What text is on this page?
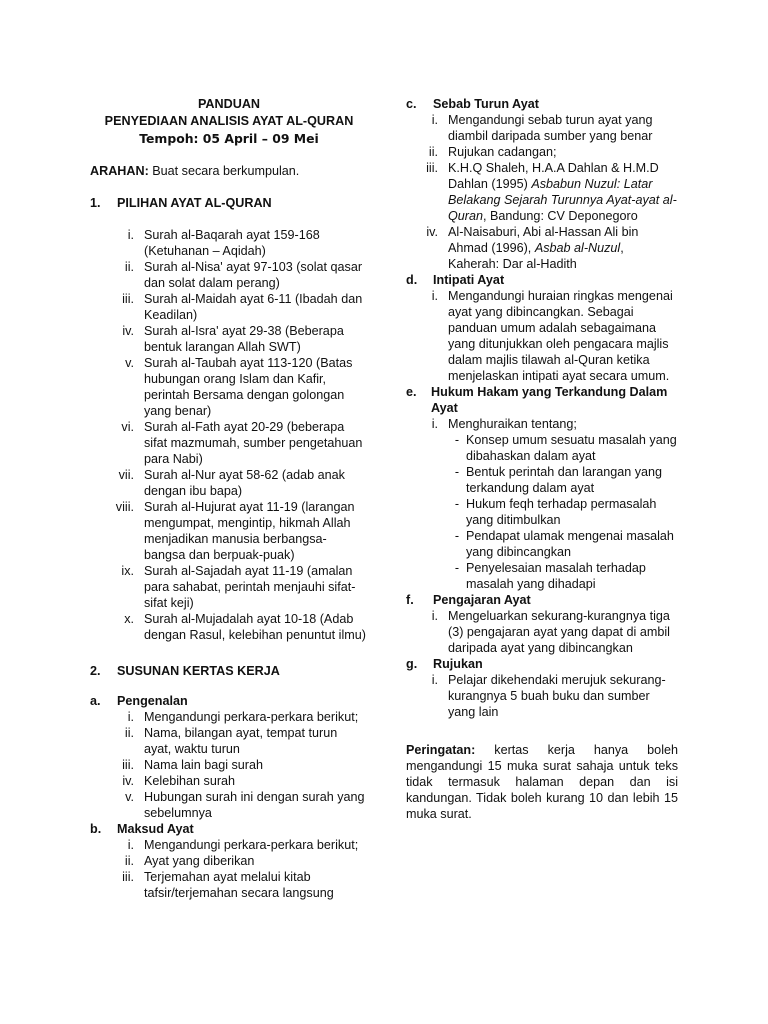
PANDUAN
PENYEDIAAN ANALISIS AYAT AL-QURAN
Tempoh: 05 April – 09 Mei
ARAHAN: Buat secara berkumpulan.
1.	PILIHAN AYAT AL-QURAN
i. Surah al-Baqarah ayat 159-168 (Ketuhanan – Aqidah)
ii. Surah al-Nisa' ayat 97-103 (solat qasar dan solat dalam perang)
iii. Surah al-Maidah ayat 6-11 (Ibadah dan Keadilan)
iv. Surah al-Isra' ayat 29-38 (Beberapa bentuk larangan Allah SWT)
v. Surah al-Taubah ayat 113-120 (Batas hubungan orang Islam dan Kafir, perintah Bersama dengan golongan yang benar)
vi. Surah al-Fath ayat 20-29 (beberapa sifat mazmumah, sumber pengetahuan para Nabi)
vii. Surah al-Nur ayat 58-62 (adab anak dengan ibu bapa)
viii. Surah al-Hujurat ayat 11-19 (larangan mengumpat, mengintip, hikmah Allah menjadikan manusia berbangsa-bangsa dan berpuak-puak)
ix. Surah al-Sajadah ayat 11-19 (amalan para sahabat, perintah menjauhi sifat-sifat keji)
x. Surah al-Mujadalah ayat 10-18 (Adab dengan Rasul, kelebihan penuntut ilmu)
2.	SUSUNAN KERTAS KERJA
a.	Pengenalan
i. Mengandungi perkara-perkara berikut;
ii. Nama, bilangan ayat, tempat turun ayat, waktu turun
iii. Nama lain bagi surah
iv. Kelebihan surah
v. Hubungan surah ini dengan surah yang sebelumnya
b.	Maksud Ayat
i. Mengandungi perkara-perkara berikut;
ii. Ayat yang diberikan
iii. Terjemahan ayat melalui kitab tafsir/terjemahan secara langsung
c.	Sebab Turun Ayat
i. Mengandungi sebab turun ayat yang diambil daripada sumber yang benar
ii. Rujukan cadangan;
iii. K.H.Q Shaleh, H.A.A Dahlan & H.M.D Dahlan (1995) Asbabun Nuzul: Latar Belakang Sejarah Turunnya Ayat-ayat al-Quran, Bandung: CV Deponegoro
iv. Al-Naisaburi, Abi al-Hassan Ali bin Ahmad (1996), Asbab al-Nuzul, Kaherah: Dar al-Hadith
d.	Intipati Ayat
i. Mengandungi huraian ringkas mengenai ayat yang dibincangkan. Sebagai panduan umum adalah sebagaimana yang ditunjukkan oleh pengacara majlis dalam majlis tilawah al-Quran ketika menjelaskan intipati ayat secara umum.
e.	Hukum Hakam yang Terkandung Dalam Ayat
i. Menghuraikan tentang;
- Konsep umum sesuatu masalah yang dibahaskan dalam ayat
- Bentuk perintah dan larangan yang terkandung dalam ayat
- Hukum feqh terhadap permasalah yang ditimbulkan
- Pendapat ulamak mengenai masalah yang dibincangkan
- Penyelesaian masalah terhadap masalah yang dihadapi
f.	Pengajaran Ayat
i. Mengeluarkan sekurang-kurangnya tiga (3) pengajaran ayat yang dapat di ambil daripada ayat yang dibincangkan
g.	Rujukan
i. Pelajar dikehendaki merujuk sekurang-kurangnya 5 buah buku dan sumber yang lain
Peringatan: kertas kerja hanya boleh mengandungi 15 muka surat sahaja untuk teks tidak termasuk halaman depan dan isi kandungan. Tidak boleh kurang 10 dan lebih 15 muka surat.
